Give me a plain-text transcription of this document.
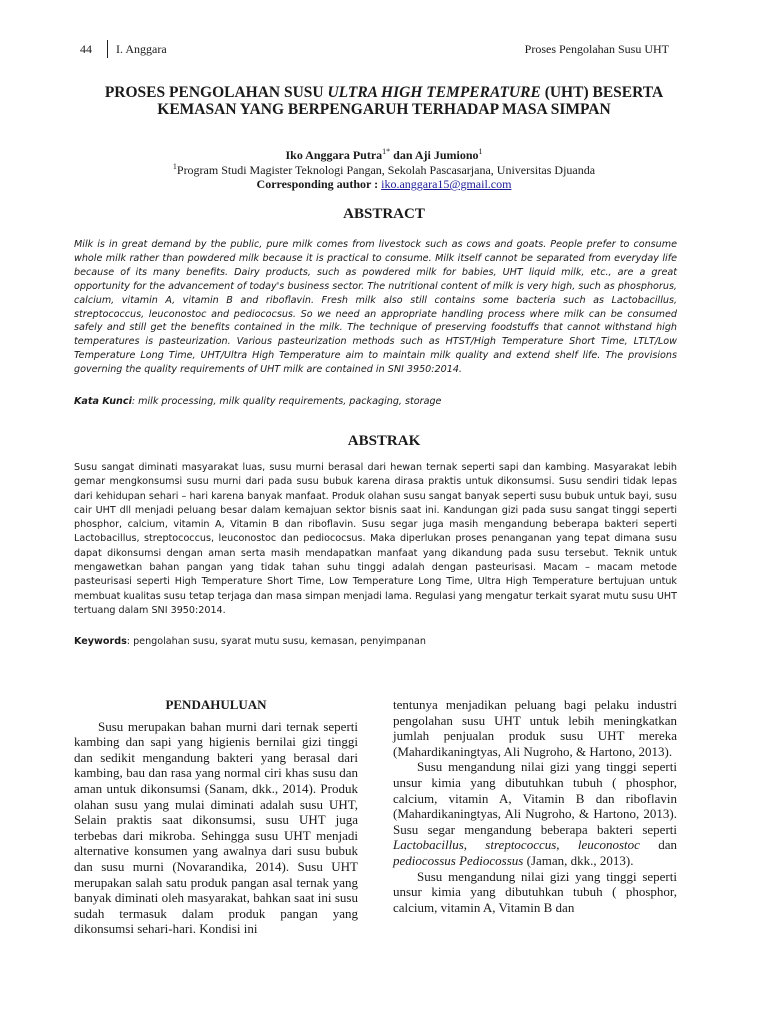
44 I. Anggara	Proses Pengolahan Susu UHT
PROSES PENGOLAHAN SUSU ULTRA HIGH TEMPERATURE (UHT) BESERTA
KEMASAN YANG BERPENGARUH TERHADAP MASA SIMPAN
Iko Anggara Putra$^{1*}$ dan Aji Jumiono$^1$
$^1$Program Studi Magister Teknologi Pangan, Sekolah Pascasarjana, Universitas Djuanda
Corresponding author : iko.anggara15@gmail.com
ABSTRACT

Milk is in great demand by the public, pure milk comes from livestock such as cows and goats. People prefer to consume whole milk rather than powdered milk because it is practical to consume. Milk itself cannot be separated from everyday life because of its many benefits. Dairy products, such as powdered milk for babies, UHT liquid milk, etc., are a great opportunity for the advancement of today's business sector. The nutritional content of milk is very high, such as phosphorus, calcium, vitamin A, vitamin B and riboflavin. Fresh milk also still contains some bacteria such as Lactobacillus, streptococcus, leuconostoc and pediococsus. So we need an appropriate handling process where milk can be consumed safely and still get the benefits contained in the milk. The technique of preserving foodstuffs that cannot withstand high temperatures is pasteurization. Various pasteurization methods such as HTST/High Temperature Short Time, LTLT/Low Temperature Long Time, UHT/Ultra High Temperature aim to maintain milk quality and extend shelf life. The provisions governing the quality requirements of UHT milk are contained in SNI 3950:2014.

Kata Kunci: milk processing, milk quality requirements, packaging, storage

ABSTRAK

Susu sangat diminati masyarakat luas, susu murni berasal dari hewan ternak seperti sapi dan kambing. Masyarakat lebih gemar mengkonsumsi susu murni dari pada susu bubuk karena dirasa praktis untuk dikonsumsi. Susu sendiri tidak lepas dari kehidupan sehari – hari karena banyak manfaat. Produk olahan susu sangat banyak seperti susu bubuk untuk bayi, susu cair UHT dll menjadi peluang besar dalam kemajuan sektor bisnis saat ini. Kandungan gizi pada susu sangat tinggi seperti phosphor, calcium, vitamin A, Vitamin B dan riboflavin. Susu segar juga masih mengandung beberapa bakteri seperti Lactobacillus, streptococcus, leuconostoc dan pediococsus. Maka diperlukan proses penanganan yang tepat dimana susu dapat dikonsumsi dengan aman serta masih mendapatkan manfaat yang dikandung pada susu tersebut. Teknik untuk mengawetkan bahan pangan yang tidak tahan suhu tinggi adalah dengan pasteurisasi. Macam – macam metode pasteurisasi seperti High Temperature Short Time, Low Temperature Long Time, Ultra High Temperature bertujuan untuk membuat kualitas susu tetap terjaga dan masa simpan menjadi lama. Regulasi yang mengatur terkait syarat mutu susu UHT tertuang dalam SNI 3950:2014.

Keywords: pengolahan susu, syarat mutu susu, kemasan, penyimpanan

PENDAHULUAN

Susu merupakan bahan murni dari ternak seperti kambing dan sapi yang higienis bernilai gizi tinggi dan sedikit mengandung bakteri yang berasal dari kambing, bau dan rasa yang normal ciri khas susu dan aman untuk dikonsumsi (Sanam, dkk., 2014). Produk olahan susu yang mulai diminati adalah susu UHT, Selain praktis saat dikonsumsi, susu UHT juga terbebas dari mikroba. Sehingga susu UHT menjadi alternative konsumen yang awalnya dari susu bubuk dan susu murni (Novarandika, 2014). Susu UHT merupakan salah satu produk pangan asal ternak yang banyak diminati oleh masyarakat, bahkan saat ini susu sudah termasuk dalam produk pangan yang dikonsumsi sehari-hari. Kondisi ini

tentunya menjadikan peluang bagi pelaku industri pengolahan susu UHT untuk lebih meningkatkan jumlah penjualan produk susu UHT mereka (Mahardikaningtyas, Ali Nugroho, & Hartono, 2013).

Susu mengandung nilai gizi yang tinggi seperti unsur kimia yang dibutuhkan tubuh ( phosphor, calcium, vitamin A, Vitamin B dan riboflavin (Mahardikaningtyas, Ali Nugroho, & Hartono, 2013). Susu segar mengandung beberapa bakteri seperti Lactobacillus, streptococcus, leuconostoc dan pediocossus Pediocossus (Jaman, dkk., 2013).

Susu mengandung nilai gizi yang tinggi seperti unsur kimia yang dibutuhkan tubuh ( phosphor, calcium, vitamin A, Vitamin B dan
